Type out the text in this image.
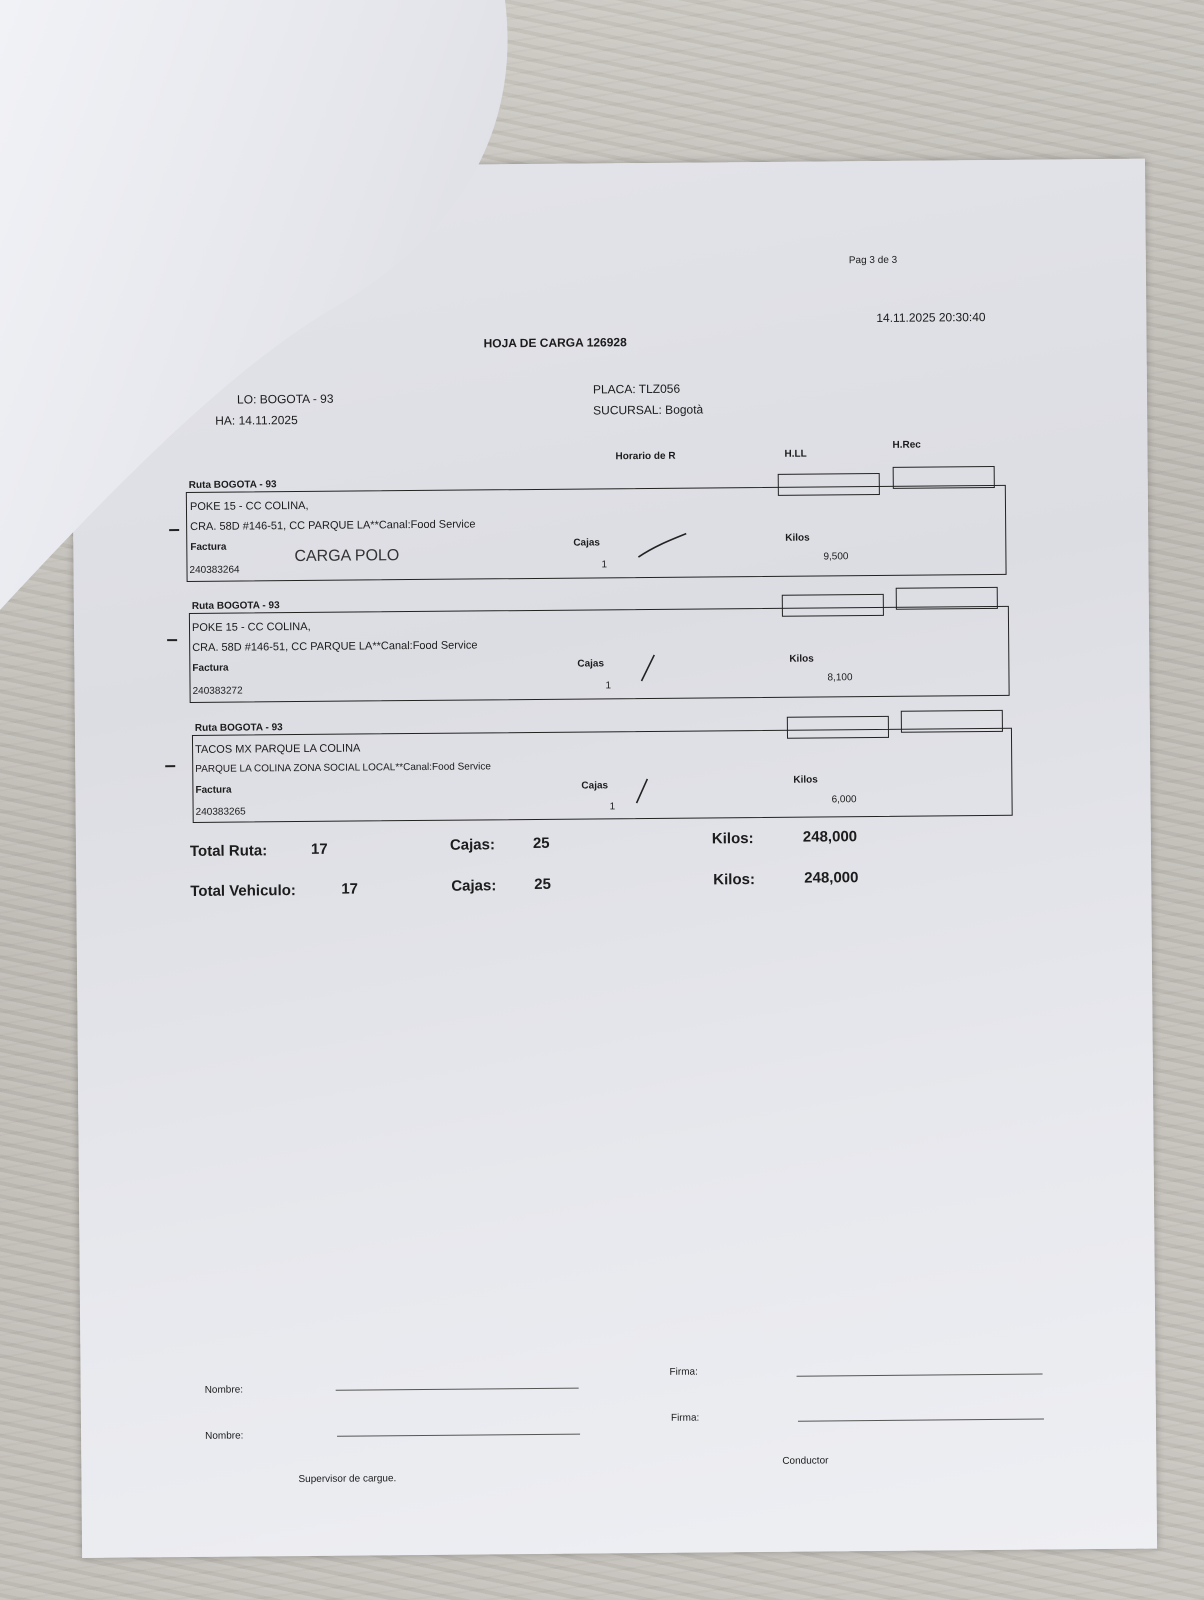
Pag 3 de 3
14.11.2025 20:30:40
HOJA DE CARGA 126928
LO: BOGOTA - 93
HA: 14.11.2025
PLACA: TLZ056
SUCURSAL: Bogotà
Horario de R	H.LL
H.Rec
Ruta BOGOTA - 93
POKE 15 - CC COLINA,
CRA. 58D #146-51, CC PARQUE LA**Canal:Food Service
Factura
240383264
CARGA POLO
Cajas
1
Kilos
9,500
Ruta BOGOTA - 93
POKE 15 - CC COLINA,
CRA. 58D #146-51, CC PARQUE LA**Canal:Food Service
Factura
240383272
Cajas
1
Kilos
8,100
Ruta BOGOTA - 93
TACOS MX PARQUE LA COLINA
PARQUE LA COLINA ZONA SOCIAL LOCAL**Canal:Food Service
Factura
240383265
Cajas
1
Kilos
6,000
Total Ruta:	17	Cajas:	25	Kilos:	248,000
Total Vehiculo:	17	Cajas:	25	Kilos:	248,000
Nombre:
Firma:
Nombre:
Firma:
Supervisor de cargue.
Conductor
